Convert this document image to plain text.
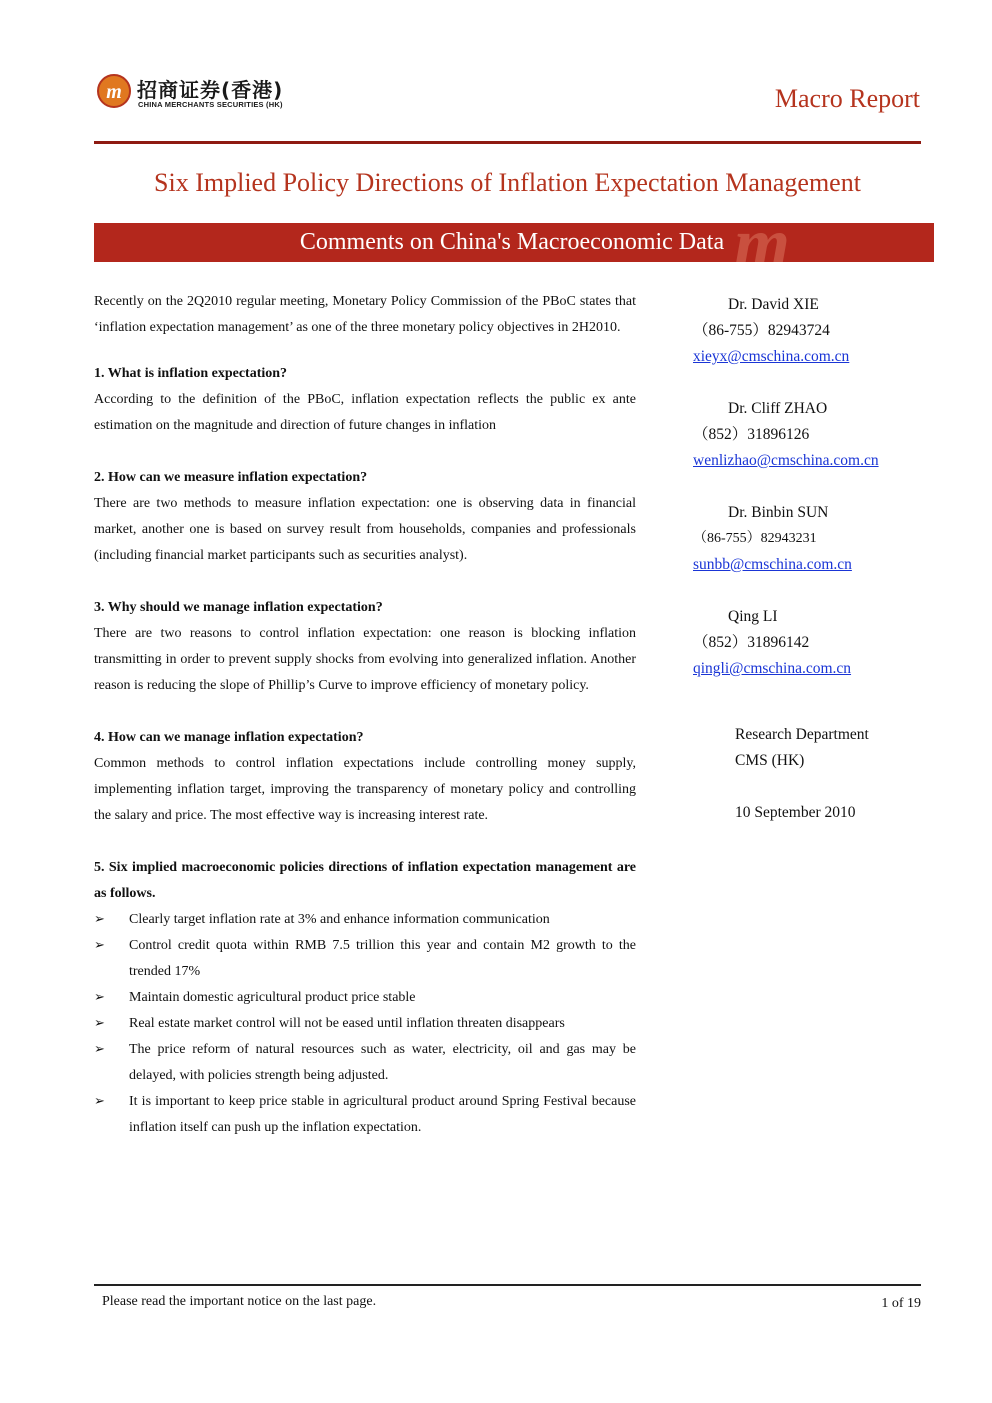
m 招商证券(香港)
CHINA MERCHANTS SECURITIES (HK)	Macro Report
Six Implied Policy Directions of Inflation Expectation Management
m
Comments on China's Macroeconomic Data

Recently on the 2Q2010 regular meeting, Monetary Policy Commission of the PBoC states that ‘inflation expectation management’ as one of the three monetary policy objectives in 2H2010.

1. What is inflation expectation?

According to the definition of the PBoC, inflation expectation reflects the public ex ante estimation on the magnitude and direction of future changes in inflation

2. How can we measure inflation expectation?

There are two methods to measure inflation expectation: one is observing data in financial market, another one is based on survey result from households, companies and professionals (including financial market participants such as securities analyst).

3. Why should we manage inflation expectation?

There are two reasons to control inflation expectation: one reason is blocking inflation transmitting in order to prevent supply shocks from evolving into generalized inflation. Another reason is reducing the slope of Phillip’s Curve to improve efficiency of monetary policy.

4. How can we manage inflation expectation?

Common methods to control inflation expectations include controlling money supply, implementing inflation target, improving the transparency of monetary policy and controlling the salary and price. The most effective way is increasing interest rate.

5. Six implied macroeconomic policies directions of inflation expectation management are as follows.
➢ Clearly target inflation rate at 3% and enhance information communication
➢ Control credit quota within RMB 7.5 trillion this year and contain M2 growth to the trended 17%
➢ Maintain domestic agricultural product price stable
➢ Real estate market control will not be eased until inflation threaten disappears
➢ The price reform of natural resources such as water, electricity, oil and gas may be delayed, with policies strength being adjusted.
➢ It is important to keep price stable in agricultural product around Spring Festival because inflation itself can push up the inflation expectation.
Dr. David XIE
（86-755）82943724
xieyx@cmschina.com.cn
Dr. Cliff ZHAO
（852）31896126
wenlizhao@cmschina.com.cn
Dr. Binbin SUN
（86-755）82943231
sunbb@cmschina.com.cn
Qing LI
（852）31896142
qingli@cmschina.com.cn
Research Department
CMS (HK)
10 September 2010
Please read the important notice on the last page.	1 of 19
